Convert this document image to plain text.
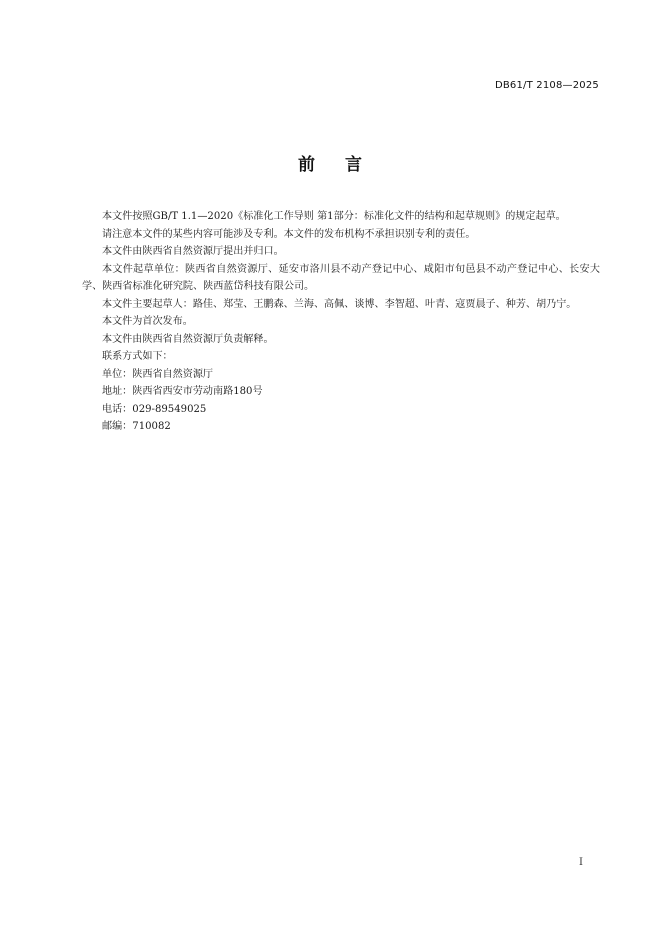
DB61/T 2108—2025
前 言

本文件按照GB/T 1.1—2020《标准化工作导则 第1部分：标准化文件的结构和起草规则》的规定起草。

请注意本文件的某些内容可能涉及专利。本文件的发布机构不承担识别专利的责任。

本文件由陕西省自然资源厅提出并归口。

本文件起草单位：陕西省自然资源厅、延安市洛川县不动产登记中心、咸阳市旬邑县不动产登记中心、长安大学、陕西省标准化研究院、陕西蓝岱科技有限公司。

本文件主要起草人：路佳、郑莹、王鹏森、兰海、高佩、谈博、李智超、叶青、寇贾晨子、种芳、胡乃宁。

本文件为首次发布。

本文件由陕西省自然资源厅负责解释。

联系方式如下：

单位：陕西省自然资源厅

地址：陕西省西安市劳动南路180号

电话：029-89549025

邮编：710082

I
